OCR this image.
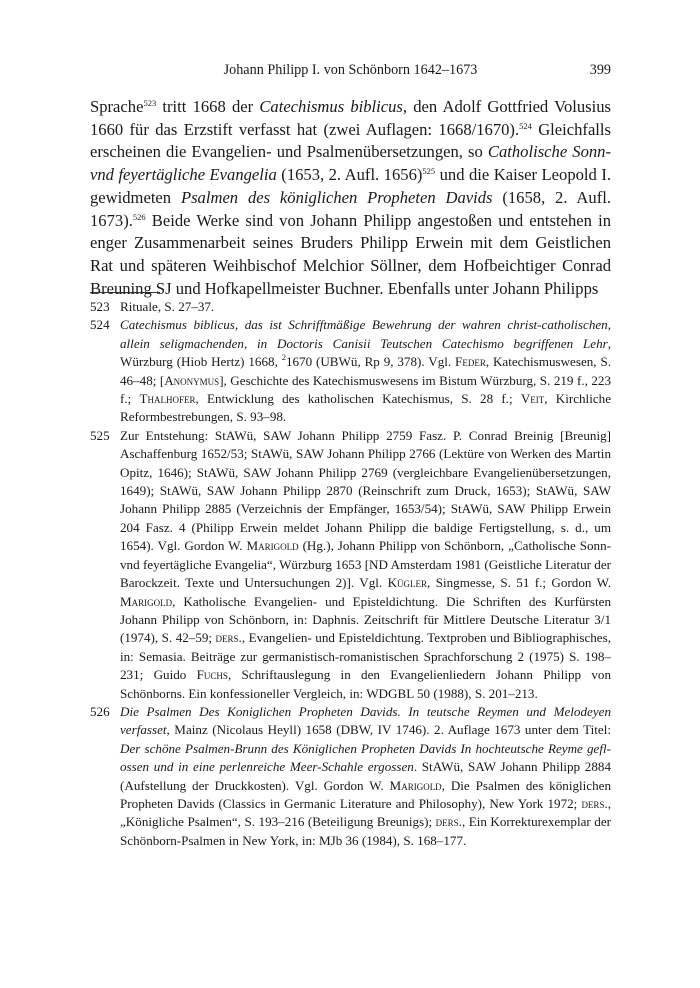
Johann Philipp I. von Schönborn 1642–1673	399

Sprache$^{523}$ tritt 1668 der Catechismus biblicus, den Adolf Gottfried Volusius 1660 für das Erzstift verfasst hat (zwei Auflagen: 1668/1670).$^{524}$ Gleichfalls erscheinen die Evangelien- und Psalmenübersetzungen, so Catholische Sonn- vnd feyertägliche Evangelia (1653, 2. Aufl. 1656)$^{525}$ und die Kaiser Leopold I. gewidmeten Psalmen des königlichen Propheten Davids (1658, 2. Aufl. 1673).$^{526}$ Beide Werke sind von Johann Philipp angestoßen und entstehen in enger Zusammenarbeit seines Bruders Philipp Erwein mit dem Geistlichen Rat und späteren Weihbischof Melchior Söllner, dem Hofbeichtiger Conrad Breuning SJ und Hofkapellmeister Buchner. Ebenfalls unter Johann Philipps

523 Rituale, S. 27–37.
524 Catechismus biblicus, das ist Schrifftmäßige Bewehrung der wahren christ-catholischen, allein seligmachenden, in Doctoris Canisii Teutschen Catechismo begriffenen Lehr, Würzburg (Hiob Hertz) 1668, $^2$1670 (UBWü, Rp 9, 378). Vgl. Feder, Katechismuswesen, S. 46–48; [Anonymus], Geschichte des Katechismuswesens im Bistum Würzburg, S. 219 f., 223 f.; Thalhofer, Entwicklung des katholischen Katechismus, S. 28 f.; Veit, Kirchliche Reformbestrebungen, S. 93–98.
525 Zur Entstehung: StAWü, SAW Johann Philipp 2759 Fasz. P. Conrad Breinig [Breunig] Aschaffenburg 1652/53; StAWü, SAW Johann Philipp 2766 (Lektüre von Werken des Martin Opitz, 1646); StAWü, SAW Johann Philipp 2769 (vergleichbare Evangelienübersetzungen, 1649); StAWü, SAW Johann Philipp 2870 (Reinschrift zum Druck, 1653); StAWü, SAW Johann Philipp 2885 (Verzeichnis der Empfänger, 1653/54); StAWü, SAW Philipp Erwein 204 Fasz. 4 (Philipp Erwein meldet Johann Philipp die baldige Fertigstellung, s. d., um 1654). Vgl. Gordon W. Marigold (Hg.), Johann Philipp von Schönborn, „Catholische Sonn- vnd feyertägliche Evangelia“, Würzburg 1653 [ND Amsterdam 1981 (Geistliche Literatur der Barockzeit. Texte und Untersuchungen 2)]. Vgl. Kügler, Singmesse, S. 51 f.; Gordon W. Marigold, Katholische Evangelien- und Episteldichtung. Die Schriften des Kurfürsten Johann Philipp von Schönborn, in: Daphnis. Zeitschrift für Mittlere Deutsche Literatur 3/1 (1974), S. 42–59; ders., Evangelien- und Episteldichtung. Textproben und Bibliographisches, in: Semasia. Beiträge zur germanistisch-romanistischen Sprachforschung 2 (1975) S. 198–231; Guido Fuchs, Schriftauslegung in den Evangelienliedern Johann Philipp von Schönborns. Ein konfessioneller Vergleich, in: WDGBL 50 (1988), S. 201–213.
526 Die Psalmen Des Koniglichen Propheten Davids. In teutsche Reymen und Melodeyen verfasset, Mainz (Nicolaus Heyll) 1658 (DBW, IV 1746). 2. Auflage 1673 unter dem Titel: Der schöne Psalmen-Brunn des Königlichen Propheten Davids In hochteutsche Reyme geflossen und in eine perlenreiche Meer-Schahle ergossen. StAWü, SAW Johann Philipp 2884 (Aufstellung der Druckkosten). Vgl. Gordon W. Marigold, Die Psalmen des königlichen Propheten Davids (Classics in Germanic Literature and Philosophy), New York 1972; ders., „Königliche Psalmen“, S. 193–216 (Beteiligung Breunigs); ders., Ein Korrekturexemplar der Schönborn-Psalmen in New York, in: MJb 36 (1984), S. 168–177.
